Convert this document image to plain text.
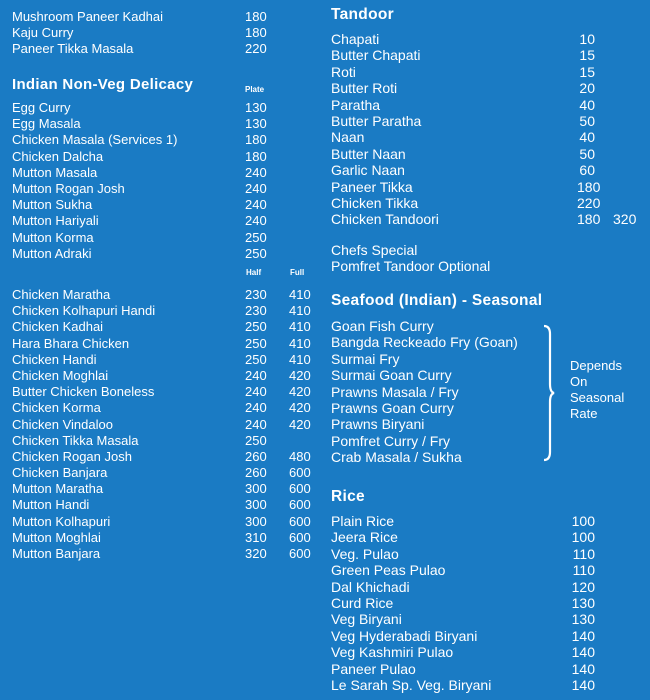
Mushroom Paneer Kadhai	180
Kaju Curry	180
Paneer Tikka Masala	220
Indian Non-Veg Delicacy	Plate
Egg Curry	130
Egg Masala	130
Chicken Masala (Services 1)	180
Chicken Dalcha	180
Mutton Masala	240
Mutton Rogan Josh	240
Mutton Sukha	240
Mutton Hariyali	240
Mutton Korma	250
Mutton Adraki	250
Half	Full
Chicken Maratha	230 410
Chicken Kolhapuri Handi	230 410
Chicken Kadhai	250 410
Hara Bhara Chicken	250 410
Chicken Handi	250 410
Chicken Moghlai	240 420
Butter Chicken Boneless	240 420
Chicken Korma	240 420
Chicken Vindaloo	240 420
Chicken Tikka Masala	250
Chicken Rogan Josh	260 480
Chicken Banjara	260 600
Mutton Maratha	300 600
Mutton Handi	300 600
Mutton Kolhapuri	300 600
Mutton Moghlai	310 600
Mutton Banjara	320 600
Tandoor
Chapati	10
Butter Chapati	15
Roti	15
Butter Roti	20
Paratha	40
Butter Paratha	50
Naan	40
Butter Naan	50
Garlic Naan	60
Paneer Tikka	180
Chicken Tikka	220
Chicken Tandoori	180 320
Chefs Special
Pomfret Tandoor Optional
Seafood (Indian) - Seasonal
Goan Fish Curry
Bangda Reckeado Fry (Goan)
Surmai Fry
Surmai Goan Curry
Prawns Masala / Fry
Prawns Goan Curry
Prawns Biryani
Pomfret Curry / Fry
Crab Masala / Sukha
Rice
Plain Rice	100
Jeera Rice	100
Veg. Pulao	110
Green Peas Pulao	110
Dal Khichadi	120
Curd Rice	130
Veg Biryani	130
Veg Hyderabadi Biryani	140
Veg Kashmiri Pulao	140
Paneer Pulao	140
Le Sarah Sp. Veg. Biryani	140
Depends
On
Seasonal
Rate
